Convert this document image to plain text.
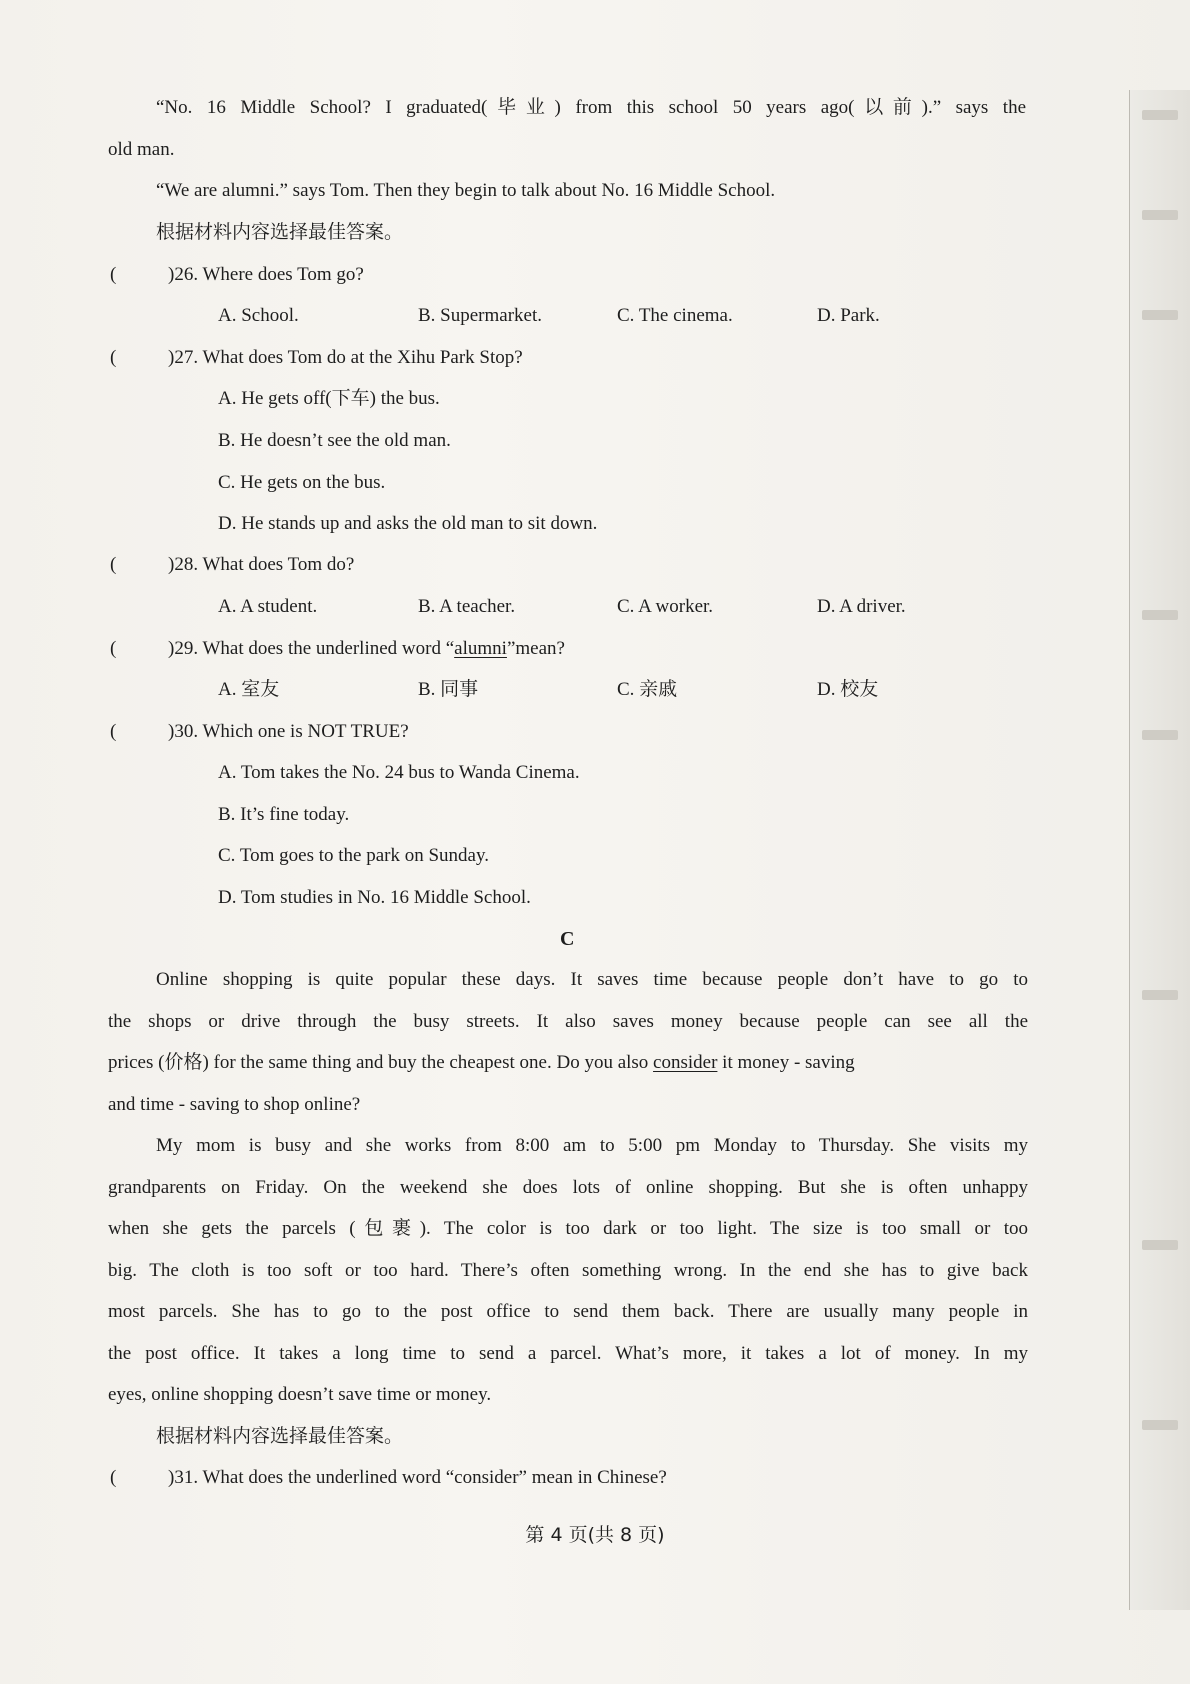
“No. 16 Middle School? I graduated(毕业) from this school 50 years ago(以前).” says the
old man.
“We are alumni.” says Tom. Then they begin to talk about No. 16 Middle School.
根据材料内容选择最佳答案。
(	)26. Where does Tom go?
A. School.	B. Supermarket.	C. The cinema.	D. Park.
(	)27. What does Tom do at the Xihu Park Stop?
A. He gets off(下车) the bus.
B. He doesn’t see the old man.
C. He gets on the bus.
D. He stands up and asks the old man to sit down.
(	)28. What does Tom do?
A. A student.	B. A teacher.	C. A worker.	D. A driver.
(	)29. What does the underlined word “alumni”mean?
A. 室友	B. 同事	C. 亲戚	D. 校友
(	)30. Which one is NOT TRUE?
A. Tom takes the No. 24 bus to Wanda Cinema.
B. It’s fine today.
C. Tom goes to the park on Sunday.
D. Tom studies in No. 16 Middle School.
C
Online shopping is quite popular these days. It saves time because people don’t have to go to
the shops or drive through the busy streets. It also saves money because people can see all the
prices (价格) for the same thing and buy the cheapest one. Do you also consider it money - saving
and time - saving to shop online?
My mom is busy and she works from 8:00 am to 5:00 pm Monday to Thursday. She visits my
grandparents on Friday. On the weekend she does lots of online shopping. But she is often unhappy
when she gets the parcels (包裹). The color is too dark or too light. The size is too small or too
big. The cloth is too soft or too hard. There’s often something wrong. In the end she has to give back
most parcels. She has to go to the post office to send them back. There are usually many people in
the post office. It takes a long time to send a parcel. What’s more, it takes a lot of money. In my
eyes, online shopping doesn’t save time or money.
根据材料内容选择最佳答案。
(	)31. What does the underlined word “consider” mean in Chinese?
第 4 页(共 8 页)
